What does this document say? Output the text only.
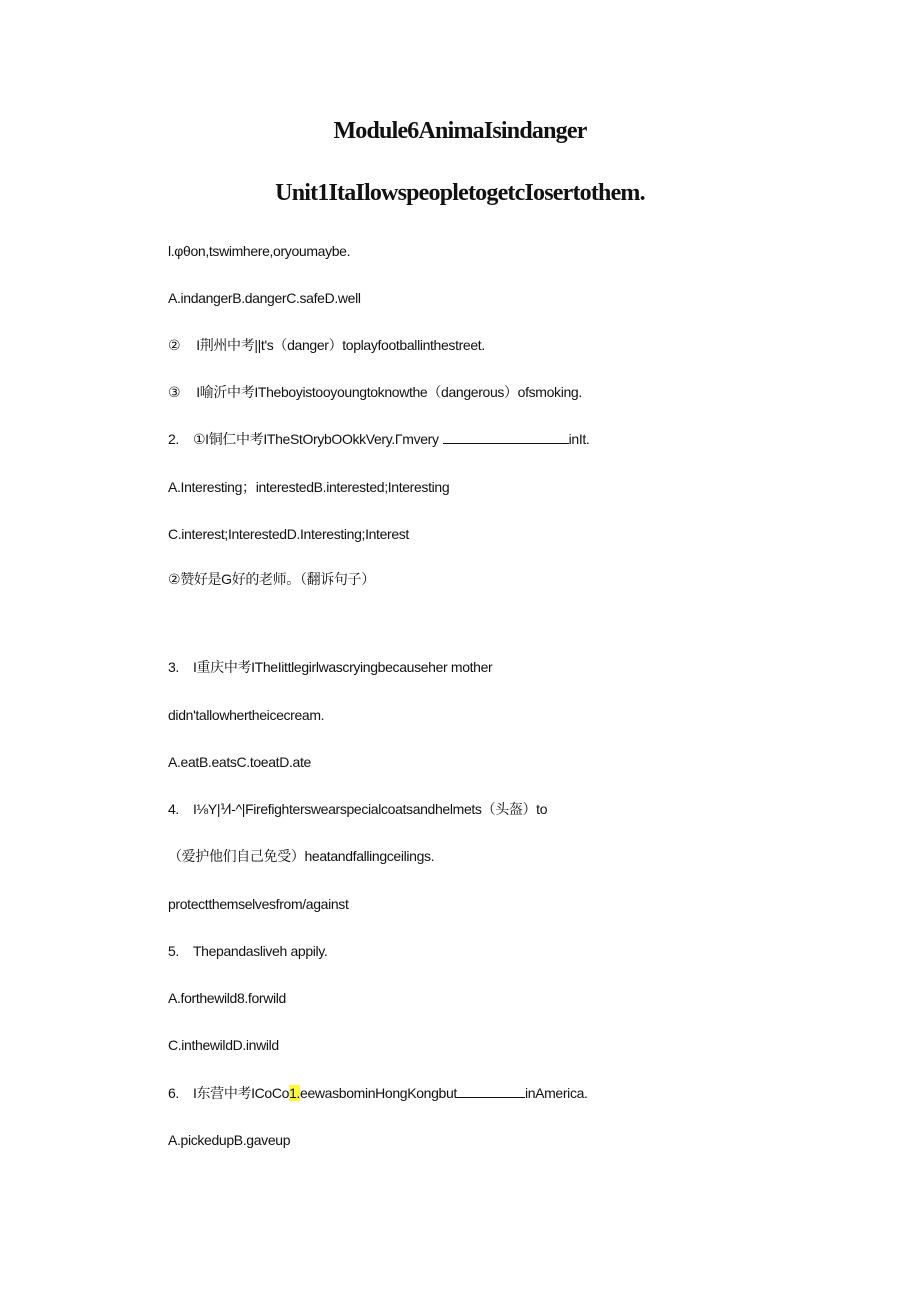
Module6AnimaIsindanger
Unit1ItaIlowspeopletogetcIosertothem.
l.φθon,tswimhere,oryoumaybe.
A.indangerB.dangerC.safeD.well
② I荆州中考||t's（danger）toplayfootballinthestreet.
③ I喻沂中考ITheboyistooyoungtoknowthe（dangerous）ofsmoking.
2. ①I铜仁中考ITheStOrybOOkkVery.Γmvery	inIt.
A.Interesting；interestedB.interested;Interesting
C.interest;InterestedD.Interesting;Interest
②赞好是G好的老师。（翻诉句子）
3. I重庆中考ITheIittlegirlwascryingbecauseher mother
didn'tallowhertheicecream.
A.eatB.eatsC.toeatD.ate
4. I⅛Y|⅟I-^|Firefighterswearspecialcoatsandhelmets（头盔）to
（爱护他们自己免受）heatandfallingceilings.
protectthemselvesfrom/against
5. Thepandasliveh appily.
A.forthewild8.forwild
C.inthewildD.inwild
6. I东营中考ICoCo1.eewasbominHongKongbut	inAmerica.
A.pickedupB.gaveup
